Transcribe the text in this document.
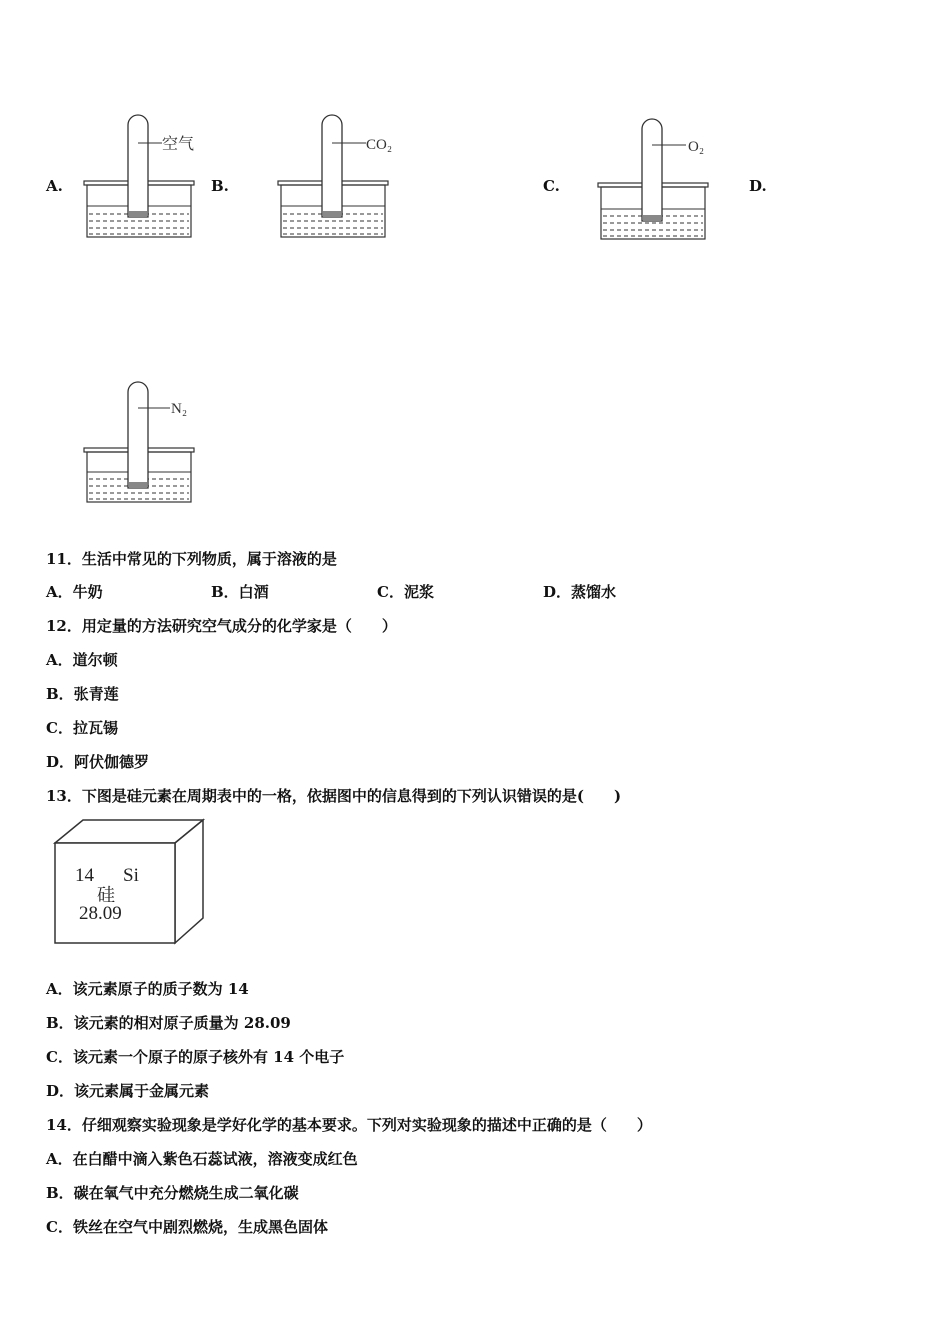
A.	B.	C.	D.
空气	CO₂	O₂
N₂
11．生活中常见的下列物质，属于溶液的是
A．牛奶	B．白酒	C．泥浆	D．蒸馏水
12．用定量的方法研究空气成分的化学家是（　　）
A．道尔顿
B．张青莲
C．拉瓦锡
D．阿伏伽德罗
13．下图是硅元素在周期表中的一格，依据图中的信息得到的下列认识错误的是(　　)
14 Si
硅
28.09
A．该元素原子的质子数为 14
B．该元素的相对原子质量为 28.09
C．该元素一个原子的原子核外有 14 个电子
D．该元素属于金属元素
14．仔细观察实验现象是学好化学的基本要求。下列对实验现象的描述中正确的是（　　）
A．在白醋中滴入紫色石蕊试液，溶液变成红色
B．碳在氧气中充分燃烧生成二氧化碳
C．铁丝在空气中剧烈燃烧，生成黑色固体
